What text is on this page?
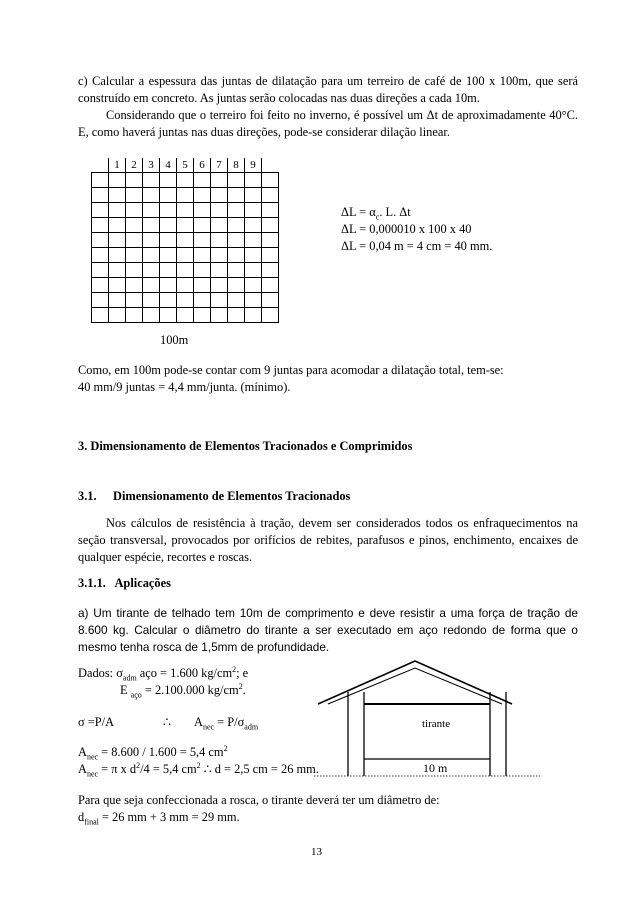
c) Calcular a espessura das juntas de dilatação para um terreiro de café de 100 x 100m, que será construído em concreto. As juntas serão colocadas nas duas direções a cada 10m.
Considerando que o terreiro foi feito no inverno, é possível um Δt de aproximadamente 40°C. E, como haverá juntas nas duas direções, pode-se considerar dilação linear.
	1	2	3	4	5	6	7	8	9	

100m
$\Delta L = \alpha_c$. L. Δt
ΔL = 0,000010 x 100 x 40
ΔL = 0,04 m = 4 cm = 40 mm.
Como, em 100m pode-se contar com 9 juntas para acomodar a dilatação total, tem-se:
40 mm/9 juntas = 4,4 mm/junta. (mínimo).
3. Dimensionamento de Elementos Tracionados e Comprimidos
3.1. Dimensionamento de Elementos Tracionados
Nos cálculos de resistência à tração, devem ser considerados todos os enfraquecimentos na seção transversal, provocados por orifícios de rebites, parafusos e pinos, enchimento, encaixes de qualquer espécie, recortes e roscas.
3.1.1.   Aplicações
a) Um tirante de telhado tem 10m de comprimento e deve resistir a uma força de tração de 8.600 kg. Calcular o diâmetro do tirante a ser executado em aço redondo de forma que o mesmo tenha rosca de 1,5mm de profundidade.
Dados: $\sigma_{adm}$ aço = 1.600 $kg/cm^2$; e
E $_{aço}$ = 2.100.000 $kg/cm^2$.
σ =P/A	∴ $A_{nec} = P/\sigma_{adm}$
$A_{nec} = 8.600 / 1.600 = 5,4$ $cm^2$
$A_{nec} = \pi$ x $d^2/4 = 5,4$ $cm^2$ ∴ d = 2,5 cm = 26 mm.
tirante
10 m
Para que seja confeccionada a rosca, o tirante deverá ter um diâmetro de:
$d_{final} = 26$ mm + 3 mm = 29 mm.
13
